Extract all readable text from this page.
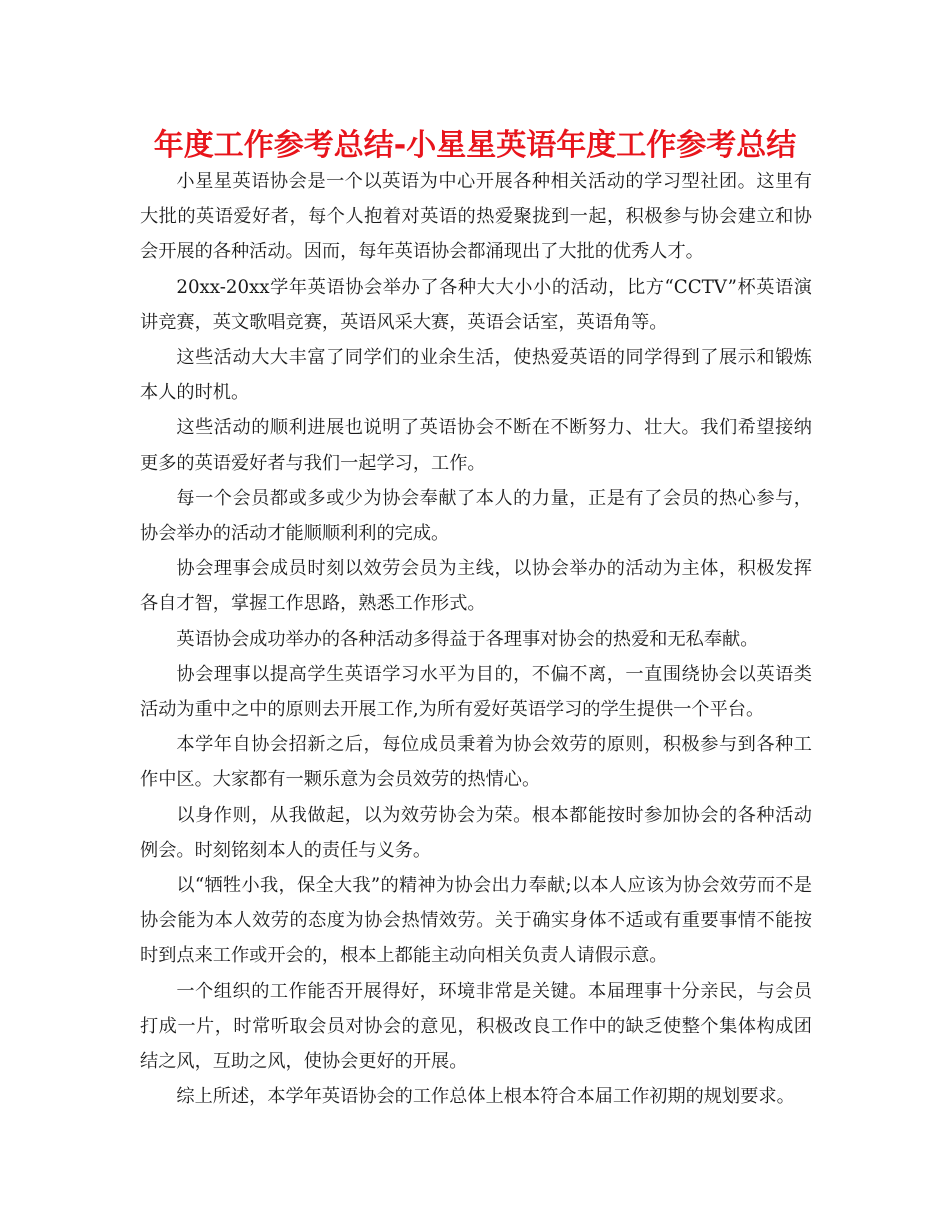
年度工作参考总结-小星星英语年度工作参考总结

小星星英语协会是一个以英语为中心开展各种相关活动的学习型社团。这里有大批的英语爱好者，每个人抱着对英语的热爱聚拢到一起，积极参与协会建立和协会开展的各种活动。因而，每年英语协会都涌现出了大批的优秀人才。

20xx-20xx学年英语协会举办了各种大大小小的活动，比方“CCTV”杯英语演讲竞赛，英文歌唱竞赛，英语风采大赛，英语会话室，英语角等。

这些活动大大丰富了同学们的业余生活，使热爱英语的同学得到了展示和锻炼本人的时机。

这些活动的顺利进展也说明了英语协会不断在不断努力、壮大。我们希望接纳更多的英语爱好者与我们一起学习，工作。

每一个会员都或多或少为协会奉献了本人的力量，正是有了会员的热心参与，协会举办的活动才能顺顺利利的完成。

协会理事会成员时刻以效劳会员为主线，以协会举办的活动为主体，积极发挥各自才智，掌握工作思路，熟悉工作形式。

英语协会成功举办的各种活动多得益于各理事对协会的热爱和无私奉献。

协会理事以提高学生英语学习水平为目的，不偏不离，一直围绕协会以英语类活动为重中之中的原则去开展工作,为所有爱好英语学习的学生提供一个平台。

本学年自协会招新之后，每位成员秉着为协会效劳的原则，积极参与到各种工作中区。大家都有一颗乐意为会员效劳的热情心。

以身作则，从我做起，以为效劳协会为荣。根本都能按时参加协会的各种活动例会。时刻铭刻本人的责任与义务。

以“牺牲小我，保全大我”的精神为协会出力奉献;以本人应该为协会效劳而不是协会能为本人效劳的态度为协会热情效劳。关于确实身体不适或有重要事情不能按时到点来工作或开会的，根本上都能主动向相关负责人请假示意。

一个组织的工作能否开展得好，环境非常是关键。本届理事十分亲民，与会员打成一片，时常听取会员对协会的意见，积极改良工作中的缺乏使整个集体构成团结之风，互助之风，使协会更好的开展。

综上所述，本学年英语协会的工作总体上根本符合本届工作初期的规划要求。
